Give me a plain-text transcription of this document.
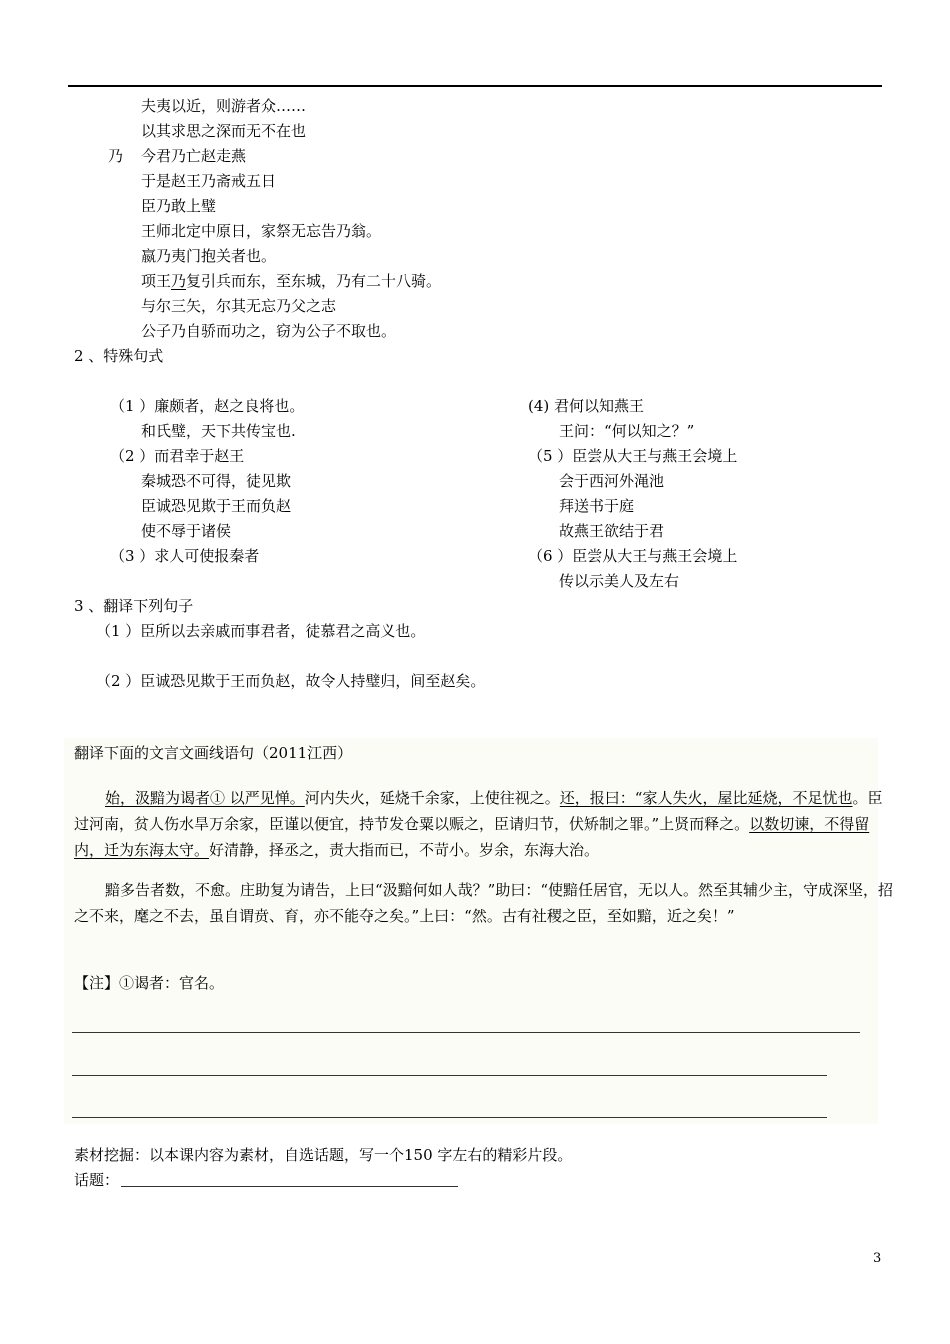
夫夷以近，则游者众……
以其求思之深而无不在也
乃 今君乃亡赵走燕
于是赵王乃斋戒五日
臣乃敢上璧
王师北定中原日，家祭无忘告乃翁。
嬴乃夷门抱关者也。
项王乃复引兵而东，至东城，乃有二十八骑。
与尔三矢，尔其无忘乃父之志
公子乃自骄而功之，窃为公子不取也。
2 、特殊句式
（1 ）廉颇者，赵之良将也。
和氏璧，天下共传宝也.
（2 ）而君幸于赵王
秦城恐不可得，徒见欺
臣诚恐见欺于王而负赵
使不辱于诸侯
（3 ）求人可使报秦者
(4) 君何以知燕王
王问：“何以知之？”
（5 ）臣尝从大王与燕王会境上
会于西河外渑池
拜送书于庭
故燕王欲结于君
（6 ）臣尝从大王与燕王会境上
传以示美人及左右
3 、翻译下列句子
（1 ）臣所以去亲戚而事君者，徒慕君之高义也。
（2 ）臣诚恐见欺于王而负赵，故令人持璧归，间至赵矣。
翻译下面的文言文画线语句（2011江西）
始，汲黯为谒者① 以严见惮。河内失火，延烧千余家，上使往视之。还，报曰：“家人失火，屋比延烧，不足忧也。臣过河南，贫人伤水旱万余家，臣谨以便宜，持节发仓粟以赈之，臣请归节，伏矫制之罪。”上贤而释之。以数切谏，不得留内，迁为东海太守。好清静，择丞之，责大指而已，不苛小。岁余，东海大治。
黯多告者数，不愈。庄助复为请告，上曰“汲黯何如人哉？”助曰：“使黯任居官，无以人。然至其辅少主，守成深坚，招之不来，麾之不去，虽自谓贲、育，亦不能夺之矣。”上曰：“然。古有社稷之臣，至如黯，近之矣！”
【注】①谒者：官名。
素材挖掘：以本课内容为素材，自选话题，写一个150 字左右的精彩片段。
话题：
3
